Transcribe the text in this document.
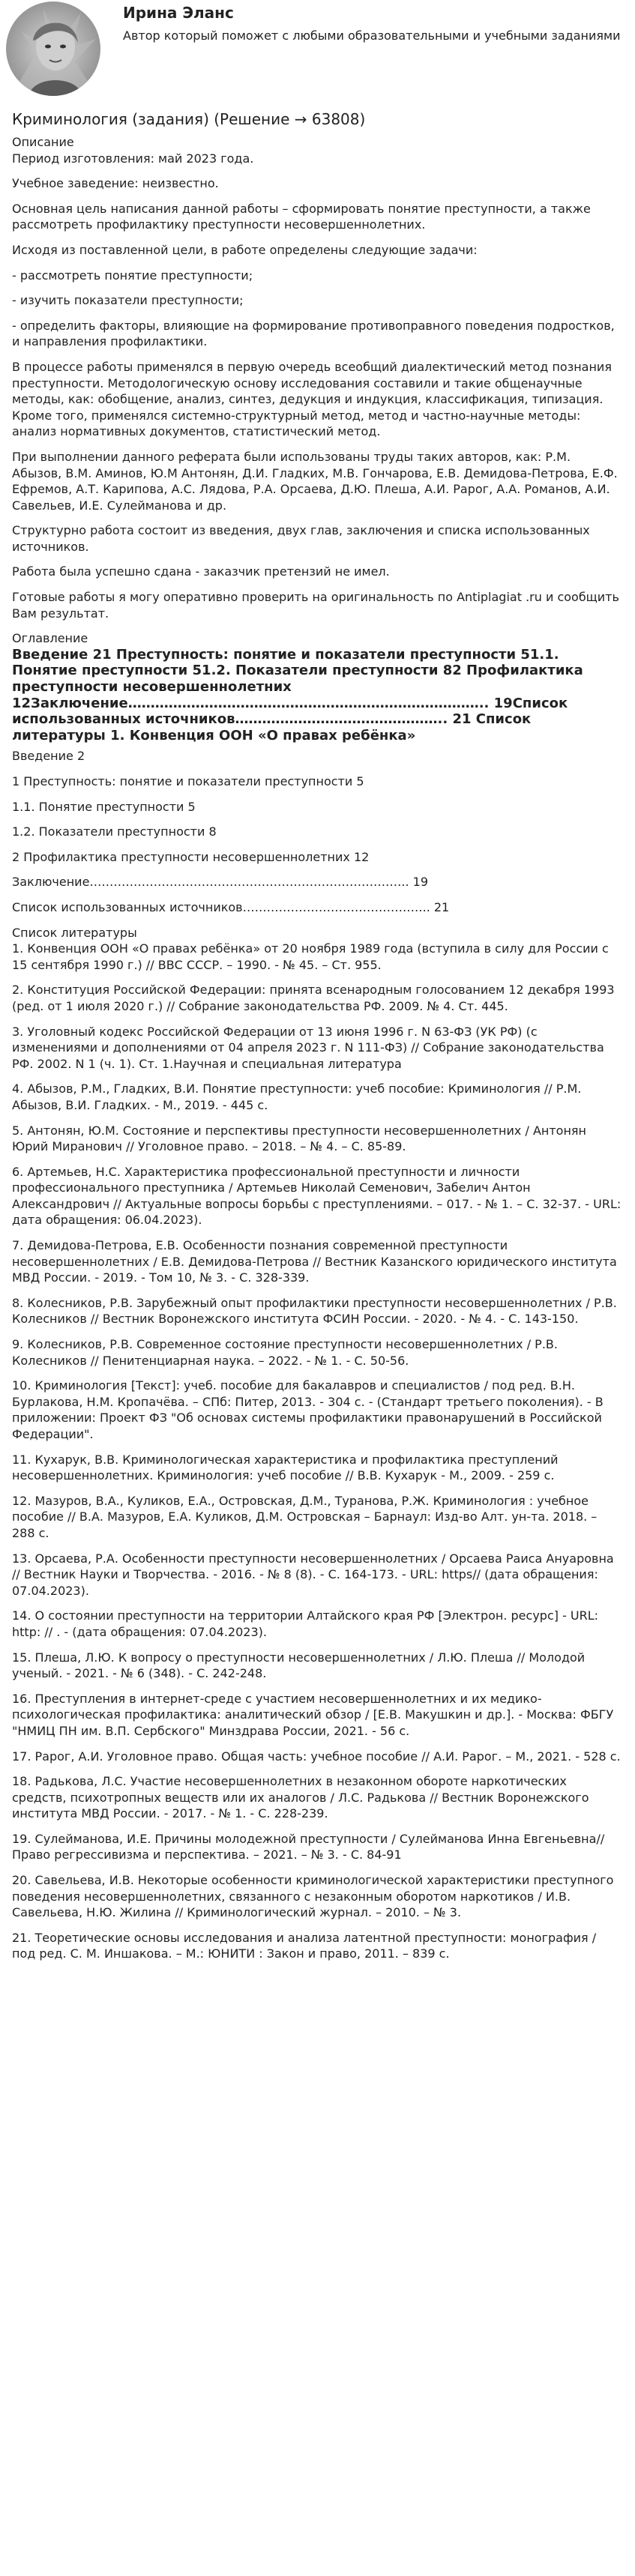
Ирина Эланс

Автор который поможет с любыми образовательными и учебными заданиями

Криминология (задания) (Решение → 63808)

Описание

Период изготовления: май 2023 года.

Учебное заведение: неизвестно.

Основная цель написания данной работы – сформировать понятие преступности, а также рассмотреть профилактику преступности несовершеннолетних.

Исходя из поставленной цели, в работе определены следующие задачи:

- рассмотреть понятие преступности;

- изучить показатели преступности;

- определить факторы, влияющие на формирование противоправного поведения подростков, и направления профилактики.

В процессе работы применялся в первую очередь всеобщий диалектический метод познания преступности. Методологическую основу исследования составили и такие общенаучные методы, как: обобщение, анализ, синтез, дедукция и индукция, классификация, типизация. Кроме того, применялся системно-структурный метод, метод и частно-научные методы: анализ нормативных документов, статистический метод.

При выполнении данного реферата были использованы труды таких авторов, как: Р.М. Абызов, В.М. Аминов, Ю.М Антонян, Д.И. Гладких, М.В. Гончарова, Е.В. Демидова-Петрова, Е.Ф. Ефремов, А.Т. Карипова, А.С. Лядова, Р.А. Орсаева, Д.Ю. Плеша, А.И. Рарог, А.А. Романов, А.И. Савельев, И.Е. Сулейманова и др.

Структурно работа состоит из введения, двух глав, заключения и списка использованных источников.

Работа была успешно сдана - заказчик претензий не имел.

Готовые работы я могу оперативно проверить на оригинальность по Antiplagiat .ru и сообщить Вам результат.

Оглавление

Введение 21 Преступность: понятие и показатели преступности 51.1. Понятие преступности 51.2. Показатели преступности 82 Профилактика преступности несовершеннолетних 12Заключение…………………………………………………………………….. 19Список использованных источников……………………………………….. 21 Список литературы 1. Конвенция ООН «О правах ребёнка»

Введение 2

1 Преступность: понятие и показатели преступности 5

1.1. Понятие преступности 5

1.2. Показатели преступности 8

2 Профилактика преступности несовершеннолетних 12

Заключение…………………………………………………………………….. 19

Список использованных источников……………………………………….. 21

Список литературы

1. Конвенция ООН «О правах ребёнка» от 20 ноября 1989 года (вступила в силу для России с 15 сентября 1990 г.) // ВВС СССР. – 1990. - № 45. – Ст. 955.

2. Конституция Российской Федерации: принята всенародным голосованием 12 декабря 1993 (ред. от 1 июля 2020 г.) // Собрание законодательства РФ. 2009. № 4. Ст. 445.

3. Уголовный кодекс Российской Федерации от 13 июня 1996 г. N 63-ФЗ (УК РФ) (с изменениями и дополнениями от 04 апреля 2023 г. N 111-ФЗ) // Собрание законодательства РФ. 2002. N 1 (ч. 1). Ст. 1.Научная и специальная литература

4. Абызов, Р.М., Гладких, В.И. Понятие преступности: учеб пособие: Криминология // Р.М. Абызов, В.И. Гладких. - М., 2019. - 445 с.

5. Антонян, Ю.М. Состояние и перспективы преступности несовершеннолетних / Антонян Юрий Миранович // Уголовное право. – 2018. – № 4. – С. 85-89.

6. Артемьев, Н.С. Характеристика профессиональной преступности и личности профессионального преступника / Артемьев Николай Семенович, Забелич Антон Александрович // Актуальные вопросы борьбы с преступлениями. – 017. - № 1. – С. 32-37. - URL: дата обращения: 06.04.2023).

7. Демидова-Петрова, Е.В. Особенности познания современной преступности несовершеннолетних / Е.В. Демидова-Петрова // Вестник Казанского юридического института МВД России. - 2019. - Том 10, № 3. - С. 328-339.

8. Колесников, Р.В. Зарубежный опыт профилактики преступности несовершеннолетних / Р.В. Колесников // Вестник Воронежского института ФСИН России. - 2020. - № 4. - С. 143-150.

9. Колесников, Р.В. Современное состояние преступности несовершеннолетних / Р.В. Колесников // Пенитенциарная наука. – 2022. - № 1. - С. 50-56.

10. Криминология [Текст]: учеб. пособие для бакалавров и специалистов / под ред. В.Н. Бурлакова, Н.М. Кропачёва. – СПб: Питер, 2013. - 304 с. - (Стандарт третьего поколения). - В приложении: Проект ФЗ "Об основах системы профилактики правонарушений в Российской Федерации".

11. Кухарук, В.В. Криминологическая характеристика и профилактика преступлений несовершеннолетних. Криминология: учеб пособие // В.В. Кухарук - М., 2009. - 259 с.

12. Мазуров, В.А., Куликов, Е.А., Островская, Д.М., Туранова, Р.Ж. Криминология : учебное пособие // В.А. Мазуров, Е.А. Куликов, Д.М. Островская – Барнаул: Изд-во Алт. ун-та. 2018. – 288 с.

13. Орсаева, Р.А. Особенности преступности несовершеннолетних / Орсаева Раиса Ануаровна // Вестник Науки и Творчества. - 2016. - № 8 (8). - С. 164-173. - URL: https// (дата обращения: 07.04.2023).

14. О состоянии преступности на территории Алтайского края РФ [Электрон. ресурс] - URL: http: // . - (дата обращения: 07.04.2023).

15. Плеша, Л.Ю. К вопросу о преступности несовершеннолетних / Л.Ю. Плеша // Молодой ученый. - 2021. - № 6 (348). - С. 242-248.

16. Преступления в интернет-среде с участием несовершеннолетних и их медико-психологическая профилактика: аналитический обзор / [Е.В. Макушкин и др.]. - Москва: ФБГУ "НМИЦ ПН им. В.П. Сербского" Минздрава России, 2021. - 56 с.

17. Рарог, А.И. Уголовное право. Общая часть: учебное пособие // А.И. Рарог. – М., 2021. - 528 с.

18. Радькова, Л.С. Участие несовершеннолетних в незаконном обороте наркотических средств, психотропных веществ или их аналогов / Л.С. Радькова // Вестник Воронежского института МВД России. - 2017. - № 1. - С. 228-239.

19. Сулейманова, И.Е. Причины молодежной преступности / Сулейманова Инна Евгеньевна//Право регрессивизма и перспектива. – 2021. – № 3. - С. 84-91

20. Савельева, И.В. Некоторые особенности криминологической характеристики преступного поведения несовершеннолетних, связанного с незаконным оборотом наркотиков / И.В. Савельева, Н.Ю. Жилина // Криминологический журнал. – 2010. – № 3.

21. Теоретические основы исследования и анализа латентной преступности: монография / под ред. С. М. Иншакова. – М.: ЮНИТИ : Закон и право, 2011. – 839 с.
